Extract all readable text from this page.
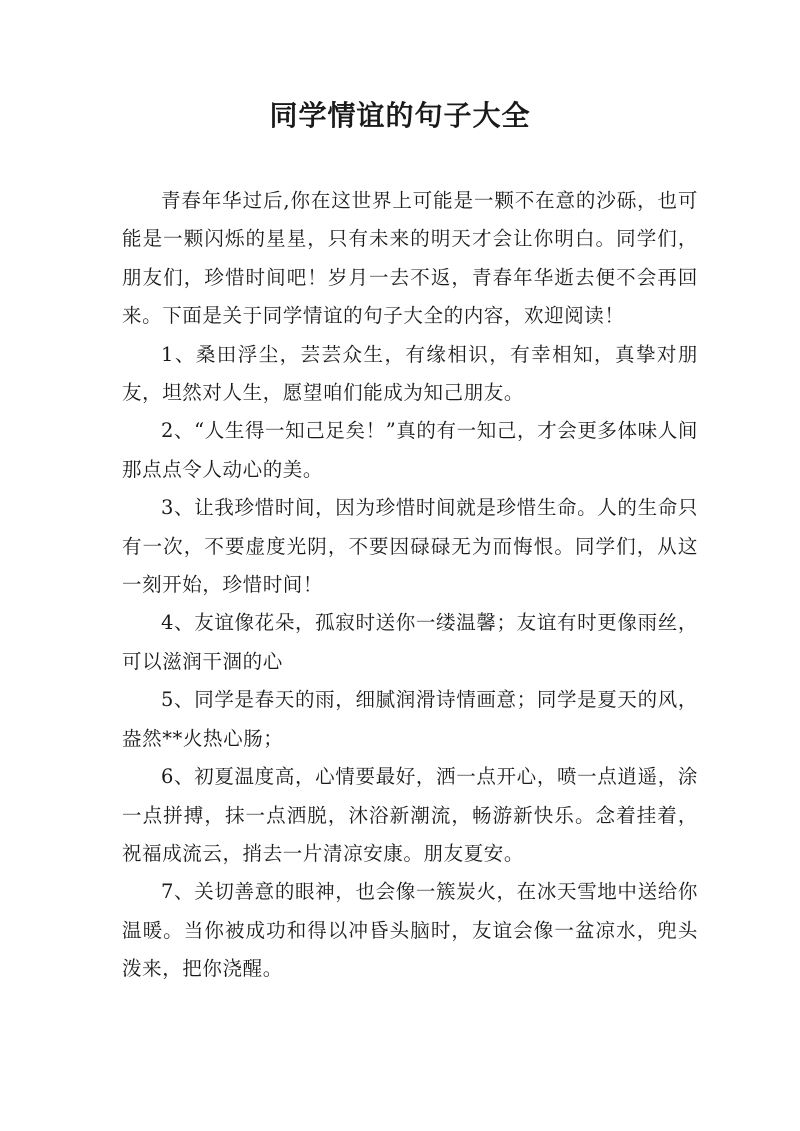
同学情谊的句子大全

青春年华过后,你在这世界上可能是一颗不在意的沙砾，也可能是一颗闪烁的星星，只有未来的明天才会让你明白。同学们，朋友们，珍惜时间吧！岁月一去不返，青春年华逝去便不会再回来。下面是关于同学情谊的句子大全的内容，欢迎阅读！

1、桑田浮尘，芸芸众生，有缘相识，有幸相知，真挚对朋友，坦然对人生，愿望咱们能成为知己朋友。

2、“人生得一知己足矣！”真的有一知己，才会更多体味人间那点点令人动心的美。

3、让我珍惜时间，因为珍惜时间就是珍惜生命。人的生命只有一次，不要虚度光阴，不要因碌碌无为而悔恨。同学们，从这一刻开始，珍惜时间！

4、友谊像花朵，孤寂时送你一缕温馨；友谊有时更像雨丝，可以滋润干涸的心

5、同学是春天的雨，细腻润滑诗情画意；同学是夏天的风，盎然**火热心肠；

6、初夏温度高，心情要最好，洒一点开心，喷一点逍遥，涂一点拼搏，抹一点洒脱，沐浴新潮流，畅游新快乐。念着挂着，祝福成流云，捎去一片清凉安康。朋友夏安。

7、关切善意的眼神，也会像一簇炭火，在冰天雪地中送给你温暖。当你被成功和得以冲昏头脑时，友谊会像一盆凉水，兜头泼来，把你浇醒。
